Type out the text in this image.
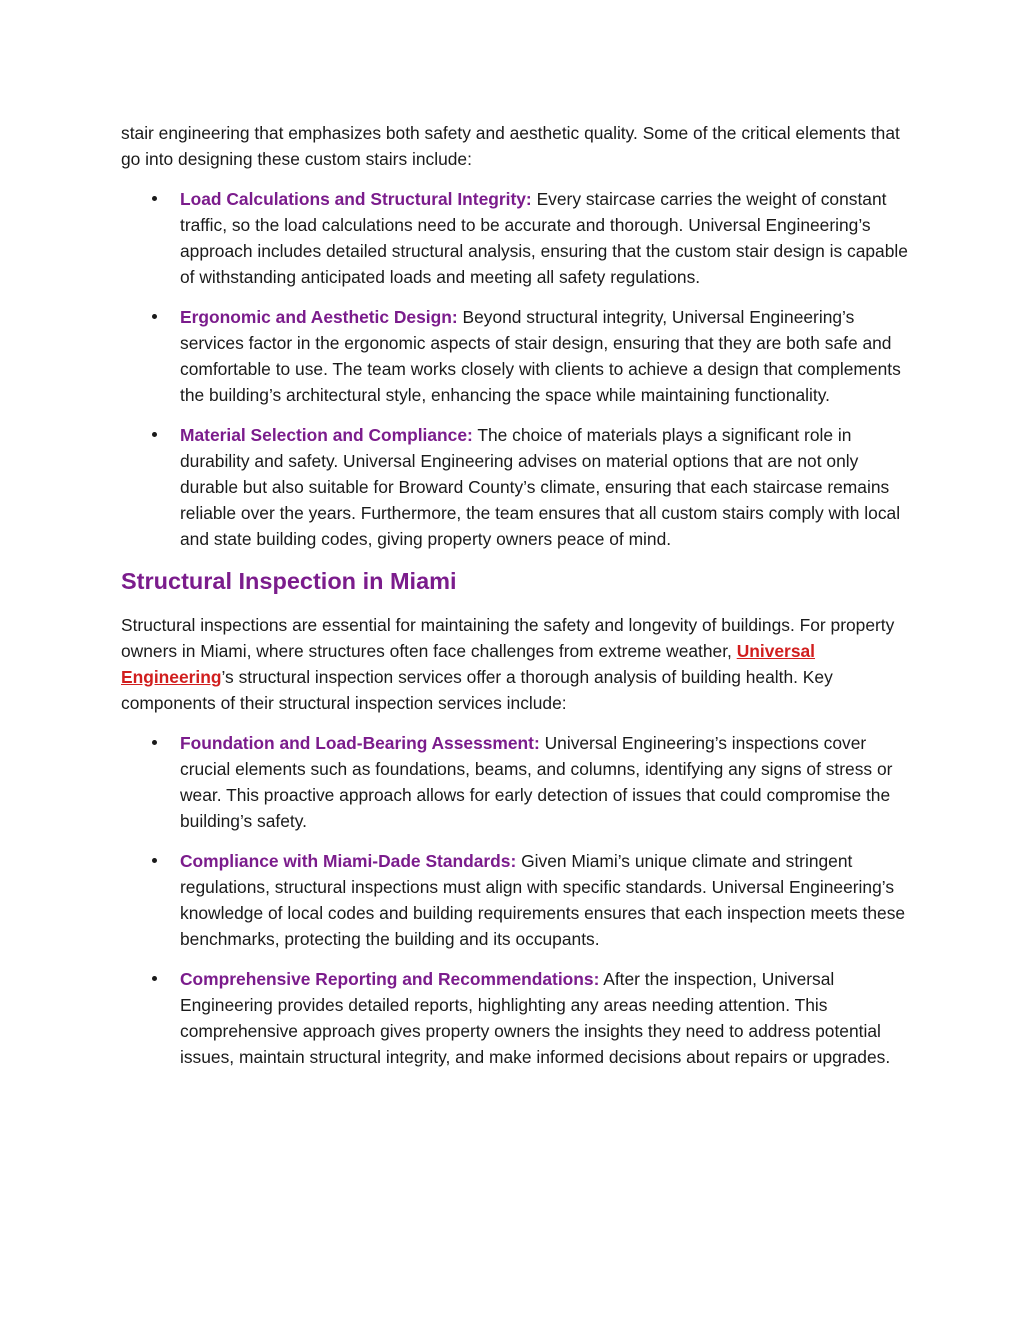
stair engineering that emphasizes both safety and aesthetic quality. Some of the critical elements that go into designing these custom stairs include:

Load Calculations and Structural Integrity: Every staircase carries the weight of constant traffic, so the load calculations need to be accurate and thorough. Universal Engineering’s approach includes detailed structural analysis, ensuring that the custom stair design is capable of withstanding anticipated loads and meeting all safety regulations.
Ergonomic and Aesthetic Design: Beyond structural integrity, Universal Engineering’s services factor in the ergonomic aspects of stair design, ensuring that they are both safe and comfortable to use. The team works closely with clients to achieve a design that complements the building’s architectural style, enhancing the space while maintaining functionality.
Material Selection and Compliance: The choice of materials plays a significant role in durability and safety. Universal Engineering advises on material options that are not only durable but also suitable for Broward County’s climate, ensuring that each staircase remains reliable over the years. Furthermore, the team ensures that all custom stairs comply with local and state building codes, giving property owners peace of mind.
Structural Inspection in Miami

Structural inspections are essential for maintaining the safety and longevity of buildings. For property owners in Miami, where structures often face challenges from extreme weather, Universal Engineering’s structural inspection services offer a thorough analysis of building health. Key components of their structural inspection services include:

Foundation and Load-Bearing Assessment: Universal Engineering’s inspections cover crucial elements such as foundations, beams, and columns, identifying any signs of stress or wear. This proactive approach allows for early detection of issues that could compromise the building’s safety.
Compliance with Miami-Dade Standards: Given Miami’s unique climate and stringent regulations, structural inspections must align with specific standards. Universal Engineering’s knowledge of local codes and building requirements ensures that each inspection meets these benchmarks, protecting the building and its occupants.
Comprehensive Reporting and Recommendations: After the inspection, Universal Engineering provides detailed reports, highlighting any areas needing attention. This comprehensive approach gives property owners the insights they need to address potential issues, maintain structural integrity, and make informed decisions about repairs or upgrades.
